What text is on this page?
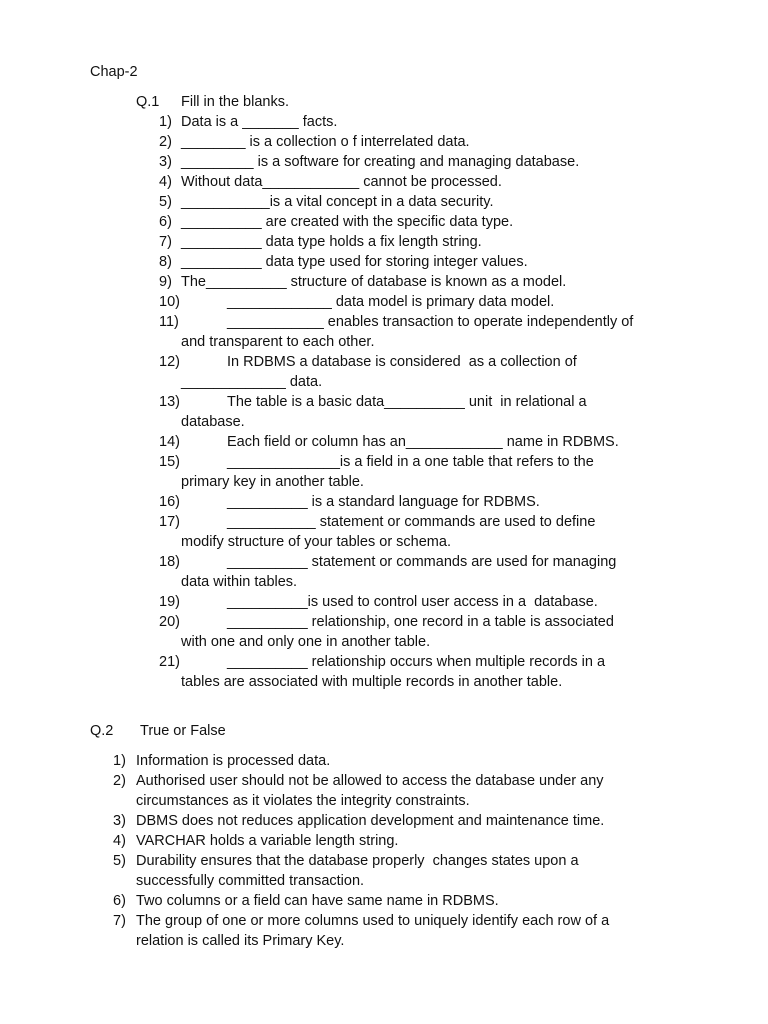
Chap-2
Q.1 Fill in the blanks.
1) Data is a _______ facts.
2) ________ is a collection o f interrelated data.
3) _________ is a software for creating and managing database.
4) Without data____________ cannot be processed.
5) ___________is a vital concept in a data security.
6) __________ are created with the specific data type.
7) __________ data type holds a fix length string.
8) __________ data type used for storing integer values.
9) The__________ structure of database is known as a model.
10)	_____________ data model is primary data model.
11)	____________ enables transaction to operate independently of
and transparent to each other.
12)	In RDBMS a database is considered  as a collection of
_____________ data.
13)	The table is a basic data__________ unit  in relational a
database.
14)	Each field or column has an____________ name in RDBMS.
15)	______________is a field in a one table that refers to the
primary key in another table.
16)	__________ is a standard language for RDBMS.
17)	___________ statement or commands are used to define
modify structure of your tables or schema.
18)	__________ statement or commands are used for managing
data within tables.
19)	__________is used to control user access in a  database.
20)	__________ relationship, one record in a table is associated
with one and only one in another table.
21)	__________ relationship occurs when multiple records in a
tables are associated with multiple records in another table.
Q.2 True or False
1) Information is processed data.
2) Authorised user should not be allowed to access the database under any
circumstances as it violates the integrity constraints.
3) DBMS does not reduces application development and maintenance time.
4) VARCHAR holds a variable length string.
5) Durability ensures that the database properly  changes states upon a
successfully committed transaction.
6) Two columns or a field can have same name in RDBMS.
7) The group of one or more columns used to uniquely identify each row of a
relation is called its Primary Key.
